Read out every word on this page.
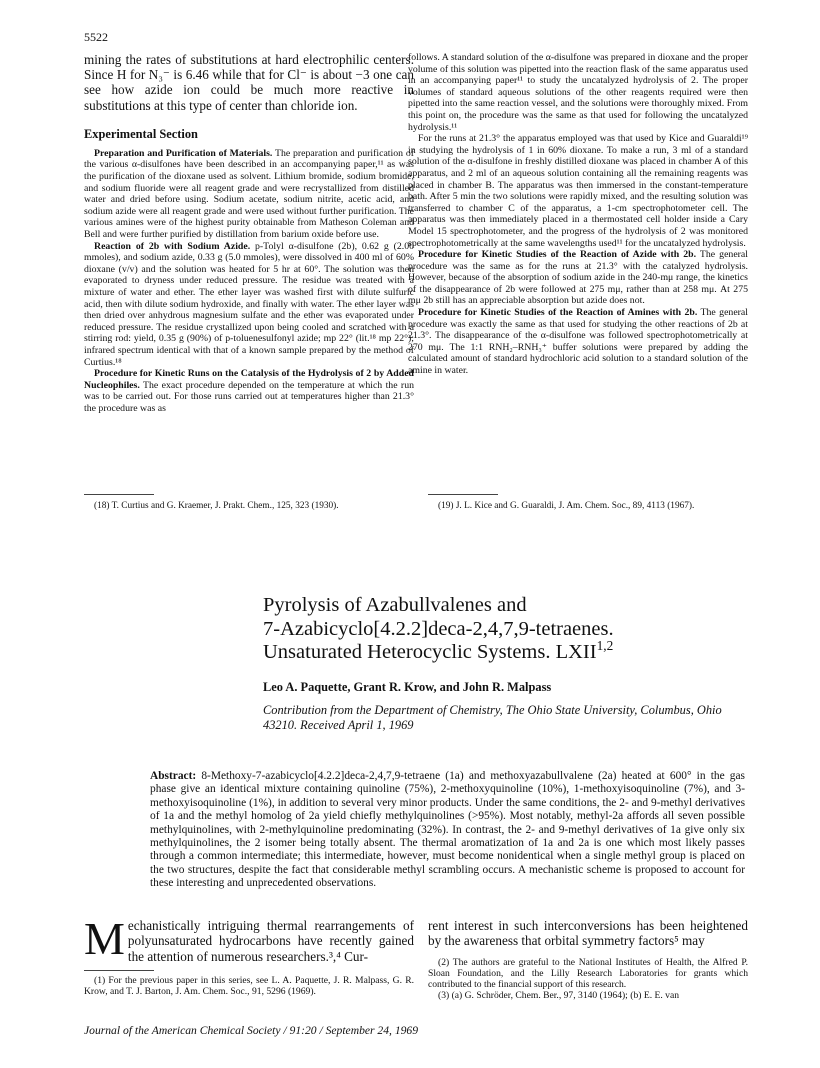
5522

mining the rates of substitutions at hard electrophilic centers. Since H for N₃⁻ is 6.46 while that for Cl⁻ is about −3 one can see how azide ion could be much more reactive in substitutions at this type of center than chloride ion.

Experimental Section

Preparation and Purification of Materials. The preparation and purification of the various α-disulfones have been described in an accompanying paper,¹¹ as was the purification of the dioxane used as solvent. Lithium bromide, sodium bromide, and sodium fluoride were all reagent grade and were recrystallized from distilled water and dried before using. Sodium acetate, sodium nitrite, acetic acid, and sodium azide were all reagent grade and were used without further purification. The various amines were of the highest purity obtainable from Matheson Coleman and Bell and were further purified by distillation from barium oxide before use.

Reaction of 2b with Sodium Azide. p-Tolyl α-disulfone (2b), 0.62 g (2.00 mmoles), and sodium azide, 0.33 g (5.0 mmoles), were dissolved in 400 ml of 60% dioxane (v/v) and the solution was heated for 5 hr at 60°. The solution was then evaporated to dryness under reduced pressure. The residue was treated with a mixture of water and ether. The ether layer was washed first with dilute sulfuric acid, then with dilute sodium hydroxide, and finally with water. The ether layer was then dried over anhydrous magnesium sulfate and the ether was evaporated under reduced pressure. The residue crystallized upon being cooled and scratched with a stirring rod: yield, 0.35 g (90%) of p-toluenesulfonyl azide; mp 22° (lit.¹⁸ mp 22°); infrared spectrum identical with that of a known sample prepared by the method of Curtius.¹⁸

Procedure for Kinetic Runs on the Catalysis of the Hydrolysis of 2 by Added Nucleophiles. The exact procedure depended on the temperature at which the run was to be carried out. For those runs carried out at temperatures higher than 21.3° the procedure was as

follows. A standard solution of the α-disulfone was prepared in dioxane and the proper volume of this solution was pipetted into the reaction flask of the same apparatus used in an accompanying paper¹¹ to study the uncatalyzed hydrolysis of 2. The proper volumes of standard aqueous solutions of the other reagents required were then pipetted into the same reaction vessel, and the solutions were thoroughly mixed. From this point on, the procedure was the same as that used for following the uncatalyzed hydrolysis.¹¹

For the runs at 21.3° the apparatus employed was that used by Kice and Guaraldi¹⁹ in studying the hydrolysis of 1 in 60% dioxane. To make a run, 3 ml of a standard solution of the α-disulfone in freshly distilled dioxane was placed in chamber A of this apparatus, and 2 ml of an aqueous solution containing all the remaining reagents was placed in chamber B. The apparatus was then immersed in the constant-temperature bath. After 5 min the two solutions were rapidly mixed, and the resulting solution was transferred to chamber C of the apparatus, a 1-cm spectrophotometer cell. The apparatus was then immediately placed in a thermostated cell holder inside a Cary Model 15 spectrophotometer, and the progress of the hydrolysis of 2 was monitored spectrophotometrically at the same wavelengths used¹¹ for the uncatalyzed hydrolysis.

Procedure for Kinetic Studies of the Reaction of Azide with 2b. The general procedure was the same as for the runs at 21.3° with the catalyzed hydrolysis. However, because of the absorption of sodium azide in the 240-mμ range, the kinetics of the disappearance of 2b were followed at 275 mμ, rather than at 258 mμ. At 275 mμ 2b still has an appreciable absorption but azide does not.

Procedure for Kinetic Studies of the Reaction of Amines with 2b. The general procedure was exactly the same as that used for studying the other reactions of 2b at 21.3°. The disappearance of the α-disulfone was followed spectrophotometrically at 270 mμ. The 1:1 RNH₂–RNH₃⁺ buffer solutions were prepared by adding the calculated amount of standard hydrochloric acid solution to a standard solution of the amine in water.

(18) T. Curtius and G. Kraemer, J. Prakt. Chem., 125, 323 (1930).	(19) J. L. Kice and G. Guaraldi, J. Am. Chem. Soc., 89, 4113 (1967).

Pyrolysis of Azabullvalenes and

7-Azabicyclo[4.2.2]deca-2,4,7,9-tetraenes.

Unsaturated Heterocyclic Systems. LXII$^{1,2}$

Leo A. Paquette, Grant R. Krow, and John R. Malpass

Contribution from the Department of Chemistry, The Ohio State University, Columbus, Ohio 43210. Received April 1, 1969

Abstract: 8-Methoxy-7-azabicyclo[4.2.2]deca-2,4,7,9-tetraene (1a) and methoxyazabullvalene (2a) heated at 600° in the gas phase give an identical mixture containing quinoline (75%), 2-methoxyquinoline (10%), 1-methoxyisoquinoline (7%), and 3-methoxyisoquinoline (1%), in addition to several very minor products. Under the same conditions, the 2- and 9-methyl derivatives of 1a and the methyl homolog of 2a yield chiefly methylquinolines (>95%). Most notably, methyl-2a affords all seven possible methylquinolines, with 2-methylquinoline predominating (32%). In contrast, the 2- and 9-methyl derivatives of 1a give only six methylquinolines, the 2 isomer being totally absent. The thermal aromatization of 1a and 2a is one which most likely passes through a common intermediate; this intermediate, however, must become nonidentical when a single methyl group is placed on the two structures, despite the fact that considerable methyl scrambling occurs. A mechanistic scheme is proposed to account for these interesting and unprecedented observations.

Mechanistically intriguing thermal rearrangements of polyunsaturated hydrocarbons have recently gained the attention of numerous researchers.³,⁴ Cur-

(1) For the previous paper in this series, see L. A. Paquette, J. R. Malpass, G. R. Krow, and T. J. Barton, J. Am. Chem. Soc., 91, 5296 (1969).

rent interest in such interconversions has been heightened by the awareness that orbital symmetry factors⁵ may

(2) The authors are grateful to the National Institutes of Health, the Alfred P. Sloan Foundation, and the Lilly Research Laboratories for grants which contributed to the financial support of this research.

(3) (a) G. Schröder, Chem. Ber., 97, 3140 (1964); (b) E. E. van

Journal of the American Chemical Society / 91:20 / September 24, 1969
